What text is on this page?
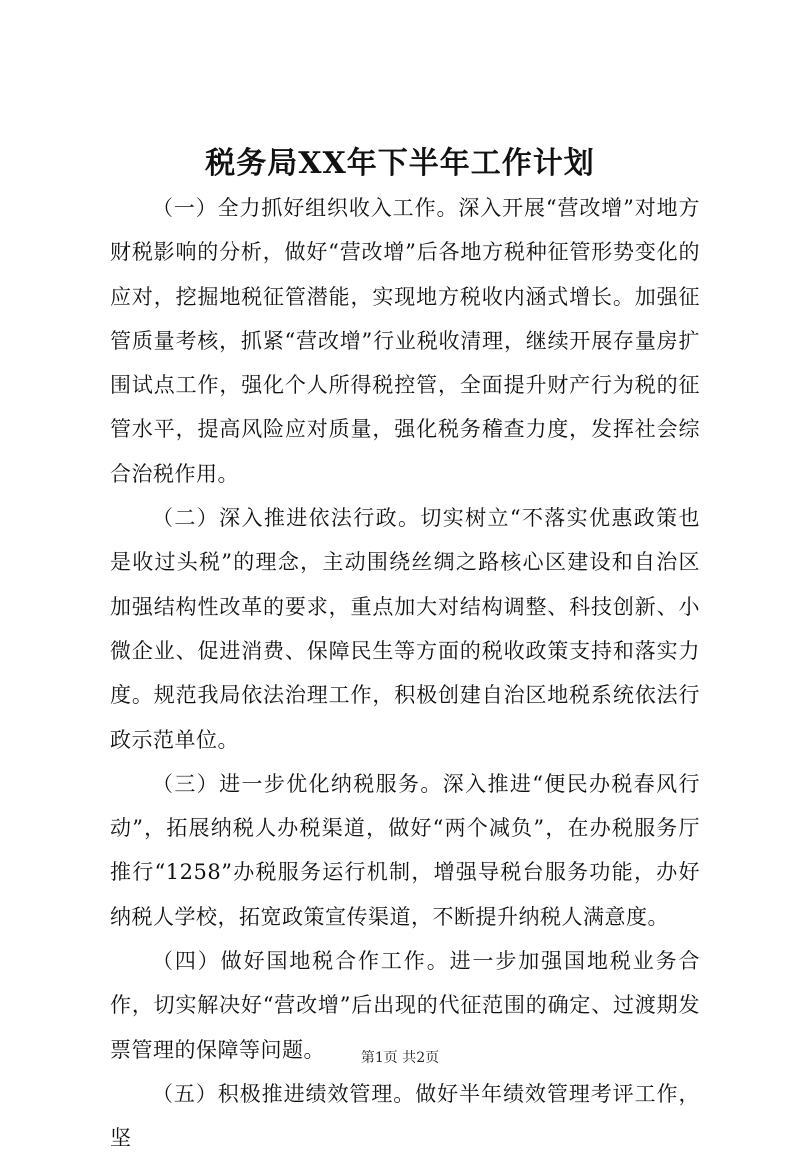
税务局XX年下半年工作计划

（一）全力抓好组织收入工作。深入开展“营改增”对地方财税影响的分析，做好“营改增”后各地方税种征管形势变化的应对，挖掘地税征管潜能，实现地方税收内涵式增长。加强征管质量考核，抓紧“营改增”行业税收清理，继续开展存量房扩围试点工作，强化个人所得税控管，全面提升财产行为税的征管水平，提高风险应对质量，强化税务稽查力度，发挥社会综合治税作用。

（二）深入推进依法行政。切实树立“不落实优惠政策也是收过头税”的理念，主动围绕丝绸之路核心区建设和自治区加强结构性改革的要求，重点加大对结构调整、科技创新、小微企业、促进消费、保障民生等方面的税收政策支持和落实力度。规范我局依法治理工作，积极创建自治区地税系统依法行政示范单位。

（三）进一步优化纳税服务。深入推进“便民办税春风行动”，拓展纳税人办税渠道，做好“两个减负”，在办税服务厅推行“1258”办税服务运行机制，增强导税台服务功能，办好纳税人学校，拓宽政策宣传渠道，不断提升纳税人满意度。

（四）做好国地税合作工作。进一步加强国地税业务合作，切实解决好“营改增”后出现的代征范围的确定、过渡期发票管理的保障等问题。

（五）积极推进绩效管理。做好半年绩效管理考评工作，坚

第1页 共2页
